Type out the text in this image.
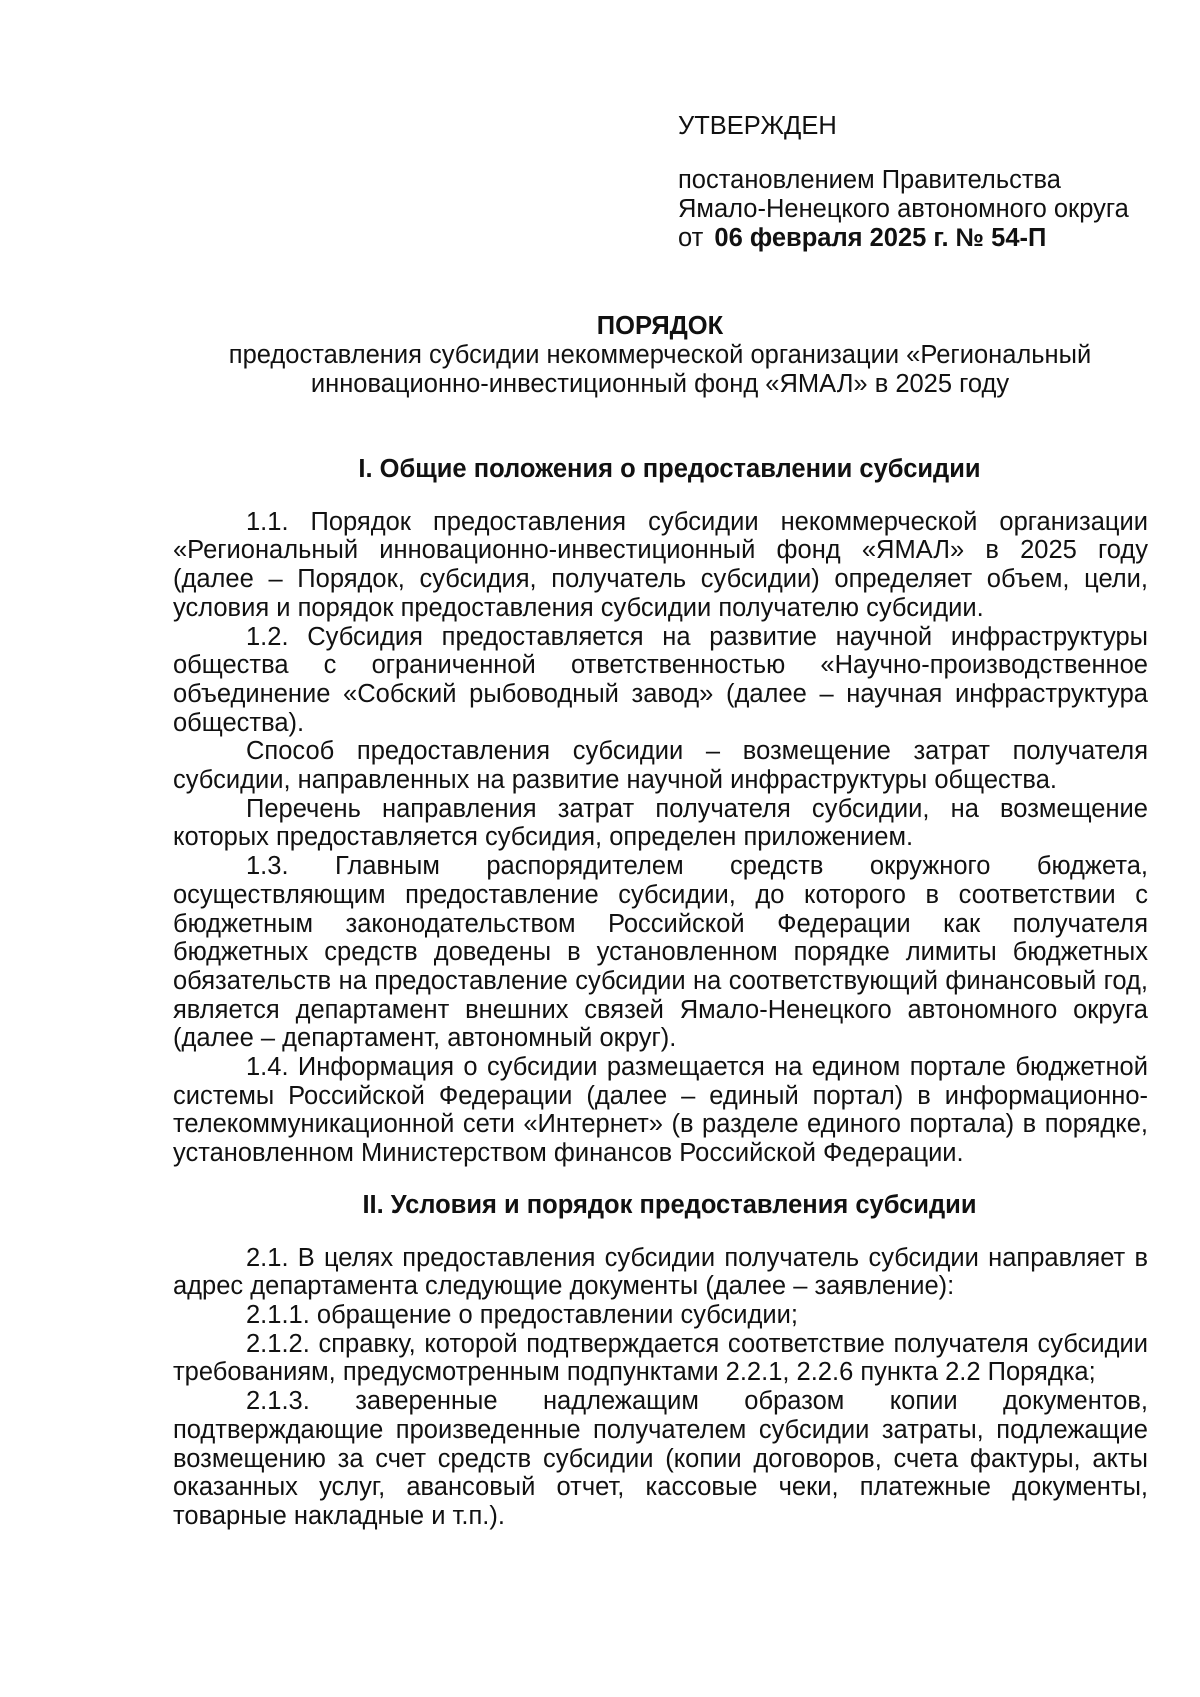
УТВЕРЖДЕН
постановлением Правительства
Ямало-Ненецкого автономного округа
от 06 февраля 2025 г. № 54-П
ПОРЯДОК
предоставления субсидии некоммерческой организации «Региональный
инновационно-инвестиционный фонд «ЯМАЛ» в 2025 году
I. Общие положения о предоставлении субсидии

1.1. Порядок предоставления субсидии некоммерческой организации «Региональный инновационно-инвестиционный фонд «ЯМАЛ» в 2025 году (далее – Порядок, субсидия, получатель субсидии) определяет объем, цели, условия и порядок предоставления субсидии получателю субсидии.

1.2. Субсидия предоставляется на развитие научной инфраструктуры общества с ограниченной ответственностью «Научно-производственное объединение «Собский рыбоводный завод» (далее – научная инфраструктура общества).

Способ предоставления субсидии – возмещение затрат получателя субсидии, направленных на развитие научной инфраструктуры общества.

Перечень направления затрат получателя субсидии, на возмещение которых предоставляется субсидия, определен приложением.

1.3. Главным распорядителем средств окружного бюджета, осуществляющим предоставление субсидии, до которого в соответствии с бюджетным законодательством Российской Федерации как получателя бюджетных средств доведены в установленном порядке лимиты бюджетных обязательств на предоставление субсидии на соответствующий финансовый год, является департамент внешних связей Ямало-Ненецкого автономного округа (далее – департамент, автономный округ).

1.4. Информация о субсидии размещается на едином портале бюджетной системы Российской Федерации (далее – единый портал) в информационно-телекоммуникационной сети «Интернет» (в разделе единого портала) в порядке, установленном Министерством финансов Российской Федерации.

II. Условия и порядок предоставления субсидии

2.1. В целях предоставления субсидии получатель субсидии направляет в адрес департамента следующие документы (далее – заявление):

2.1.1. обращение о предоставлении субсидии;

2.1.2. справку, которой подтверждается соответствие получателя субсидии требованиям, предусмотренным подпунктами 2.2.1, 2.2.6 пункта 2.2 Порядка;

2.1.3. заверенные надлежащим образом копии документов, подтверждающие произведенные получателем субсидии затраты, подлежащие возмещению за счет средств субсидии (копии договоров, счета фактуры, акты оказанных услуг, авансовый отчет, кассовые чеки, платежные документы, товарные накладные и т.п.).
